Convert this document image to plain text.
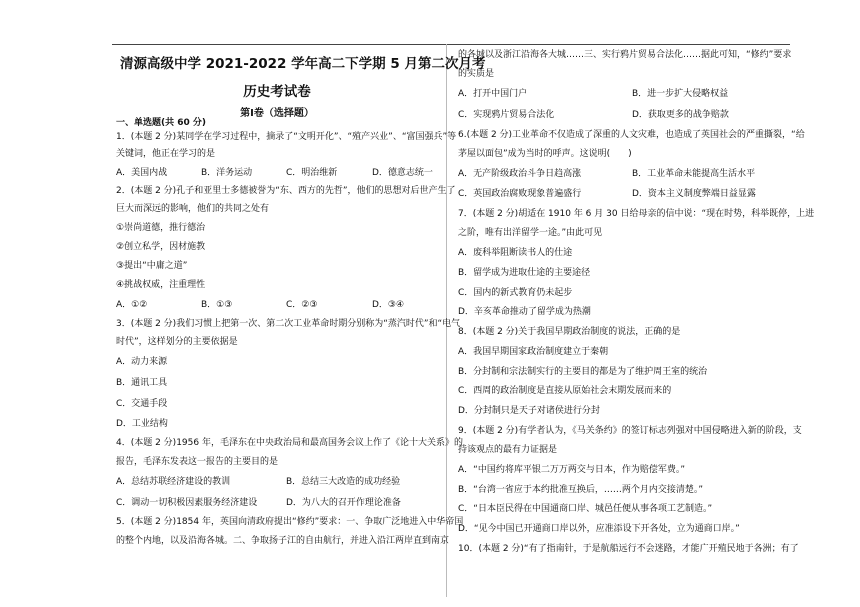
清源高级中学 2021-2022 学年高二下学期 5 月第二次月考
历史考试卷
第Ⅰ卷（选择题）
一、单选题(共 60 分)
1．(本题 2 分)某同学在学习过程中，摘录了“文明开化”、“殖产兴业”、“富国强兵”等
关键词，他正在学习的是
A．美国内战	B．洋务运动	C．明治维新	D．德意志统一
2．(本题 2 分)孔子和亚里士多德被誉为“东、西方的先哲”，他们的思想对后世产生了
巨大而深远的影响，他们的共同之处有
①崇尚道德，推行德治
②创立私学，因材施教
③提出“中庸之道”
④挑战权威，注重理性
A．①②	B．①③	C．②③	D．③④
3．(本题 2 分)我们习惯上把第一次、第二次工业革命时期分别称为“蒸汽时代”和“电气
时代”，这样划分的主要依据是
A．动力来源
B．通讯工具
C．交通手段
D．工业结构
4．(本题 2 分)1956 年，毛泽东在中央政治局和最高国务会议上作了《论十大关系》的
报告，毛泽东发表这一报告的主要目的是
A．总结苏联经济建设的教训	B．总结三大改造的成功经验
C．调动一切积极因素服务经济建设	D．为八大的召开作理论准备
5．(本题 2 分)1854 年，英国向清政府提出“修约”要求：一、争取广泛地进入中华帝国
的整个内地，以及沿海各城。二、争取扬子江的自由航行，并进入沿江两岸直到南京
的各城以及浙江沿海各大城……三、实行鸦片贸易合法化……据此可知，“修约”要求
的实质是
A．打开中国门户	B．进一步扩大侵略权益
C．实现鸦片贸易合法化	D．获取更多的战争赔款
6.(本题 2 分)工业革命不仅造成了深重的人文灾难，也造成了英国社会的严重撕裂，“给
茅屋以面包”成为当时的呼声。这说明(　　)
A．无产阶级政治斗争日趋高涨	B．工业革命未能提高生活水平
C．英国政治腐败现象普遍盛行	D．资本主义制度弊端日益显露
7．(本题 2 分)胡适在 1910 年 6 月 30 日给母亲的信中说：“现在时势，科举既停，上进
之阶，唯有出洋留学一途。”由此可见
A．废科举阻断读书人的仕途
B．留学成为进取仕途的主要途径
C．国内的新式教育仍未起步
D．辛亥革命推动了留学成为热潮
8．(本题 2 分)关于我国早期政治制度的说法，正确的是
A．我国早期国家政治制度建立于秦朝
B．分封制和宗法制实行的主要目的都是为了维护周王室的统治
C．西周的政治制度是直接从原始社会末期发展而来的
D．分封制只是天子对诸侯进行分封
9．(本题 2 分)有学者认为，《马关条约》的签订标志列强对中国侵略进入新的阶段，支
持该观点的最有力证据是
A．“中国约将库平银二万万两交与日本，作为赔偿军费。”
B．“台湾一省应于本约批准互换后，……两个月内交接清楚。”
C．“日本臣民得在中国通商口岸、城邑任便从事各项工艺制造。”
D．“见今中国已开通商口岸以外，应准添设下开各处，立为通商口岸。”
10．(本题 2 分)“有了指南针，于是航船远行不会迷路，才能广开殖民地于各洲；有了
